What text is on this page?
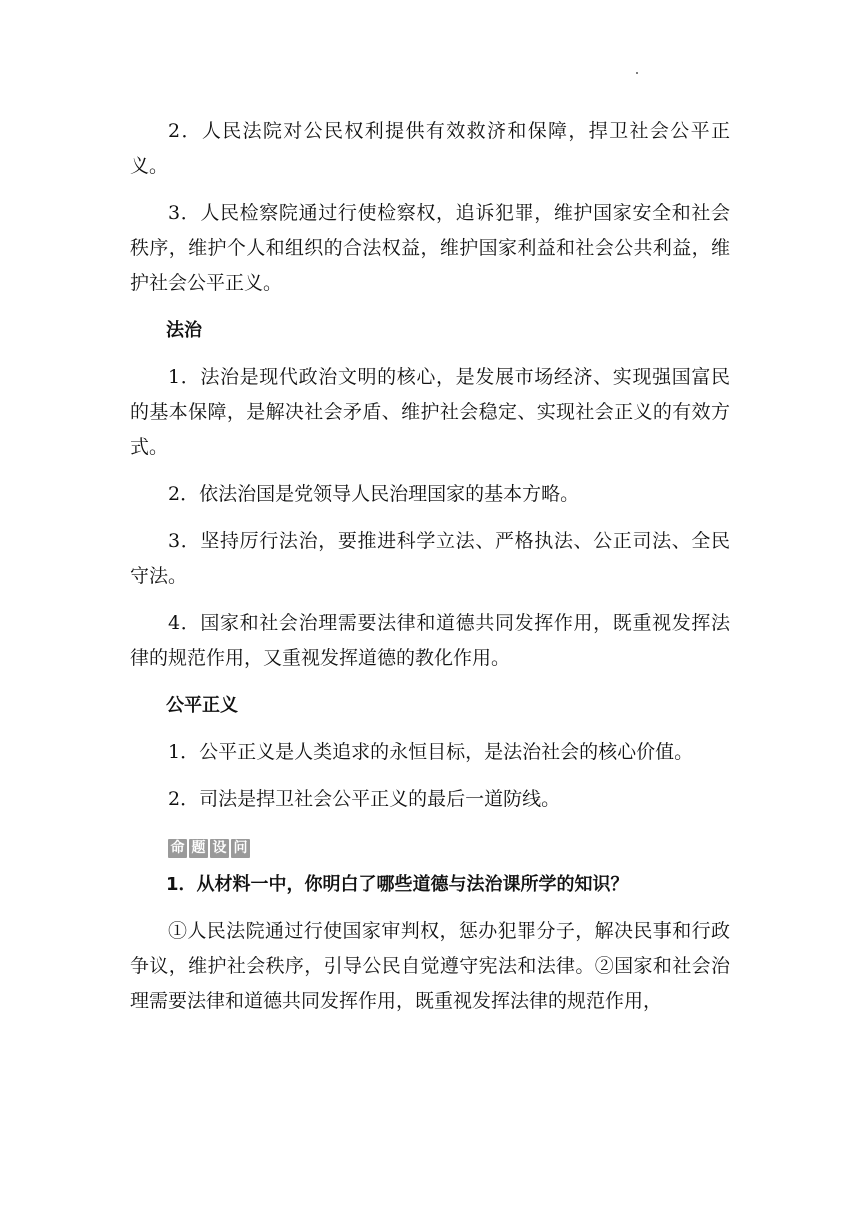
2．人民法院对公民权利提供有效救济和保障，捍卫社会公平正义。

3．人民检察院通过行使检察权，追诉犯罪，维护国家安全和社会秩序，维护个人和组织的合法权益，维护国家利益和社会公共利益，维护社会公平正义。

法治

1．法治是现代政治文明的核心，是发展市场经济、实现强国富民的基本保障，是解决社会矛盾、维护社会稳定、实现社会正义的有效方式。

2．依法治国是党领导人民治理国家的基本方略。

3．坚持厉行法治，要推进科学立法、严格执法、公正司法、全民守法。

4．国家和社会治理需要法律和道德共同发挥作用，既重视发挥法律的规范作用，又重视发挥道德的教化作用。

公平正义

1．公平正义是人类追求的永恒目标，是法治社会的核心价值。

2．司法是捍卫社会公平正义的最后一道防线。

命 题 设 问
1．从材料一中，你明白了哪些道德与法治课所学的知识？

①人民法院通过行使国家审判权，惩办犯罪分子，解决民事和行政争议，维护社会秩序，引导公民自觉遵守宪法和法律。②国家和社会治理需要法律和道德共同发挥作用，既重视发挥法律的规范作用，
